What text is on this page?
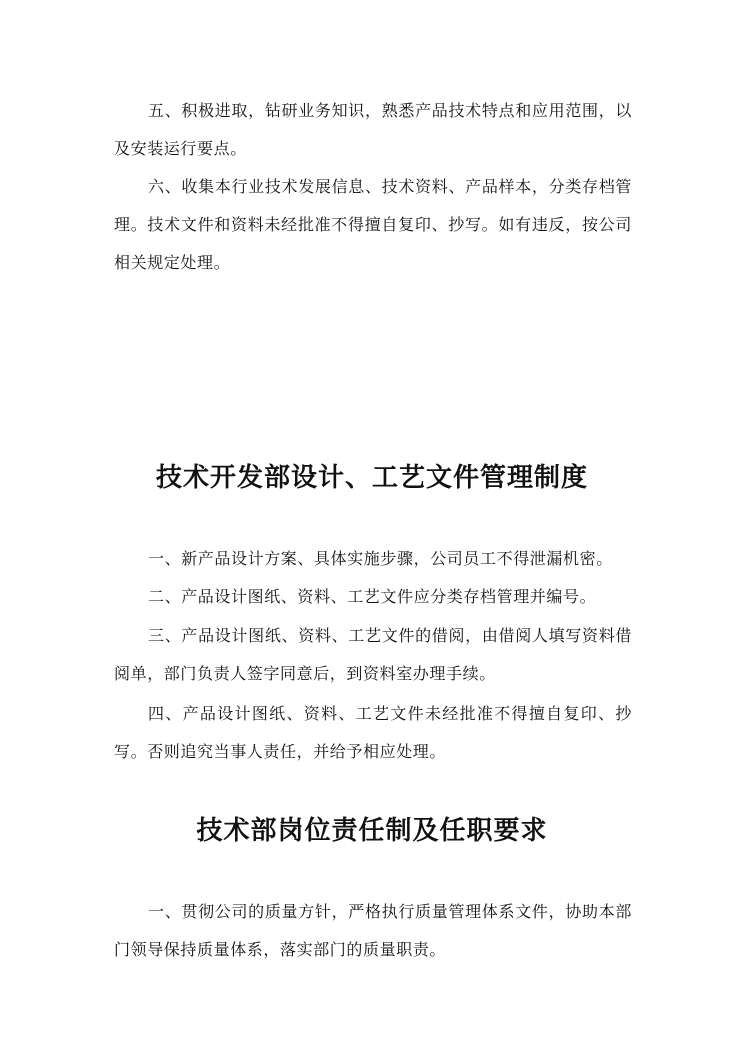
五、积极进取，钻研业务知识，熟悉产品技术特点和应用范围，以及安装运行要点。

六、收集本行业技术发展信息、技术资料、产品样本，分类存档管理。技术文件和资料未经批准不得擅自复印、抄写。如有违反，按公司相关规定处理。

技术开发部设计、工艺文件管理制度

一、新产品设计方案、具体实施步骤，公司员工不得泄漏机密。

二、产品设计图纸、资料、工艺文件应分类存档管理并编号。

三、产品设计图纸、资料、工艺文件的借阅，由借阅人填写资料借阅单，部门负责人签字同意后，到资料室办理手续。

四、产品设计图纸、资料、工艺文件未经批准不得擅自复印、抄写。否则追究当事人责任，并给予相应处理。

技术部岗位责任制及任职要求

一、贯彻公司的质量方针，严格执行质量管理体系文件，协助本部门领导保持质量体系，落实部门的质量职责。
